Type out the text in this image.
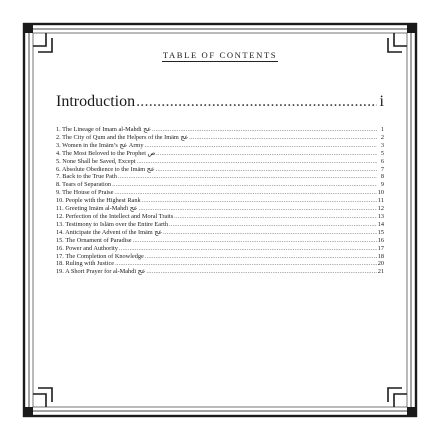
TABLE OF CONTENTS
Introduction .....	i
1. The Lineage of Imam al-Mahdi عج .....	1
2. The City of Qum and the Helpers of the Imām عج .....	2
3. Women in the Imām’s عج Army .....	3
4. The Most Beloved to the Prophet ص .....	5
5. None Shall be Saved, Except .....	6
6. Absolute Obedience to the Imām عج .....	7
7. Back to the True Path .....	8
8. Tears of Separation .....	9
9. The House of Praise .....	10
10. People with the Highest Rank .....	11
11. Greeting Imām al-Mahdī عج .....	12
12. Perfection of the Intellect and Moral Traits .....	13
13. Testimony to Islām over the Entire Earth .....	14
14. Anticipate the Advent of the Imām عج .....	15
15. The Ornament of Paradise .....	16
16. Power and Authority .....	17
17. The Completion of Knowledge .....	18
18. Ruling with Justice .....	20
19. A Short Prayer for al-Mahdī عج .....	21
